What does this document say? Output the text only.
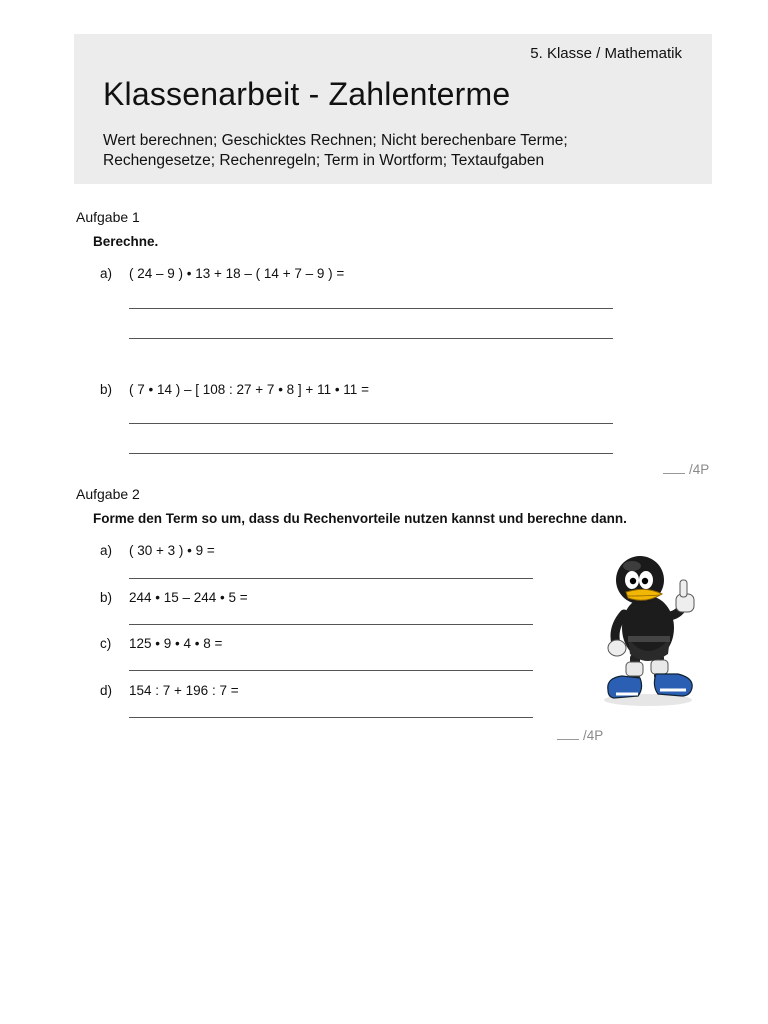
5. Klasse / Mathematik
Klassenarbeit - Zahlenterme
Wert berechnen; Geschicktes Rechnen; Nicht berechenbare Terme;
Rechengesetze; Rechenregeln; Term in Wortform; Textaufgaben
Aufgabe 1
Berechne.
a) ( 24 – 9 ) • 13 + 18 – ( 14 + 7 – 9 ) =
b) ( 7 • 14 ) – [ 108 : 27 + 7 • 8 ] + 11 • 11 =
/4P
Aufgabe 2
Forme den Term so um, dass du Rechenvorteile nutzen kannst und berechne dann.
a) ( 30 + 3 ) • 9 =
b) 244 • 15 – 244 • 5 =
c) 125 • 9 • 4 • 8 =
d) 154 : 7 + 196 : 7 =
/4P
